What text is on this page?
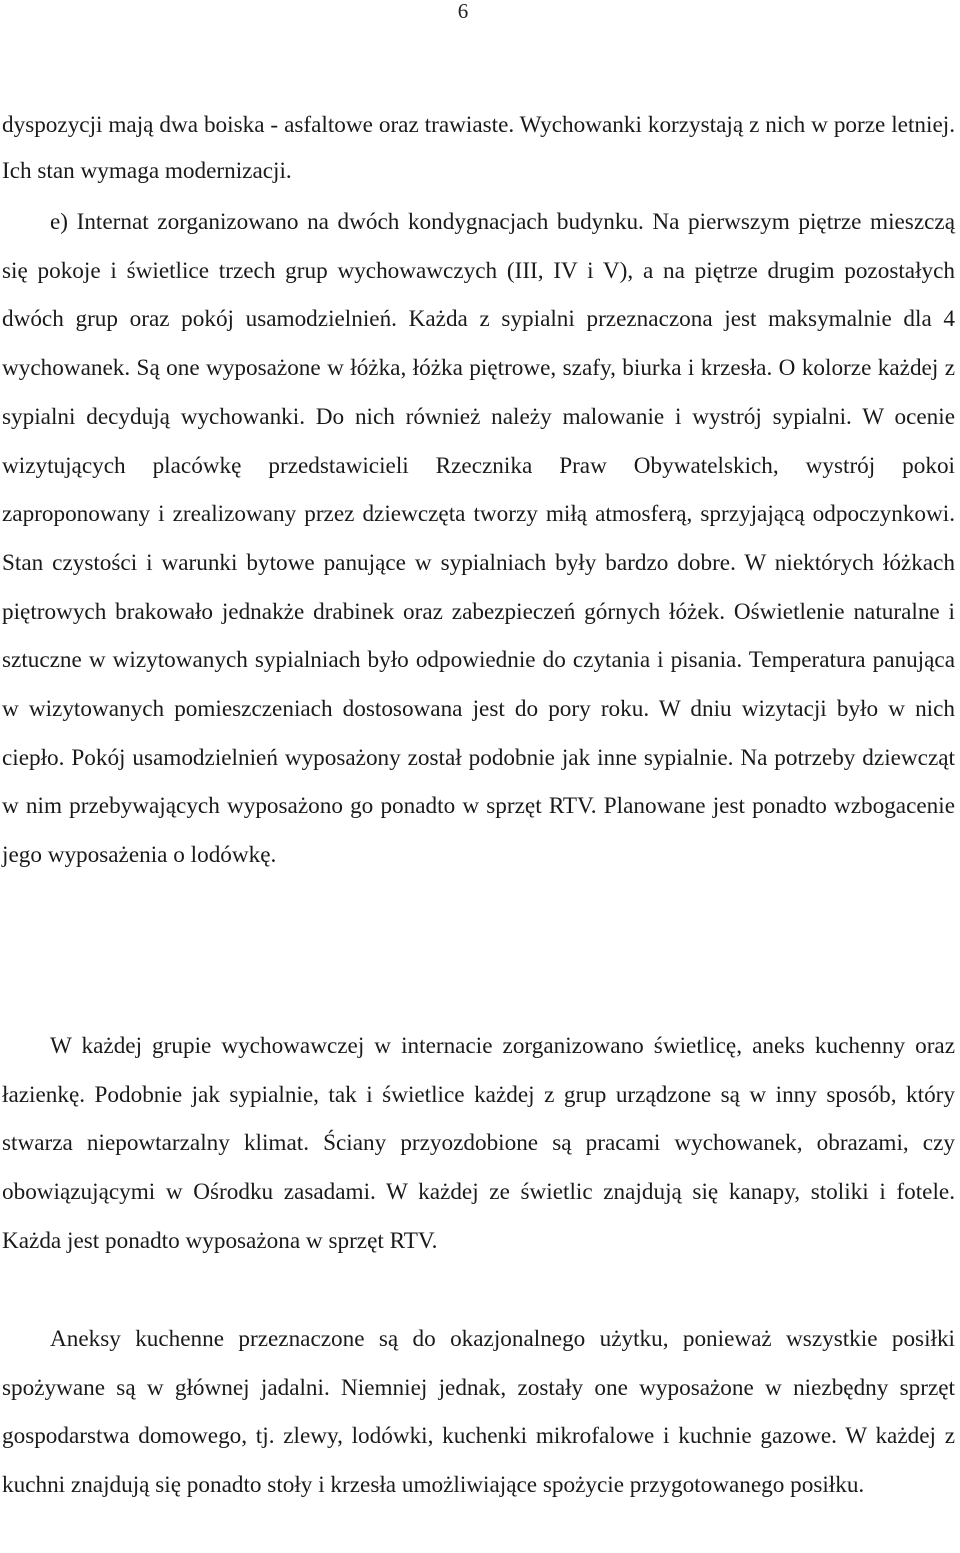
6

dyspozycji mają dwa boiska - asfaltowe oraz trawiaste. Wychowanki korzystają z nich w porze letniej. Ich stan wymaga modernizacji.

e) Internat zorganizowano na dwóch kondygnacjach budynku. Na pierwszym piętrze mieszczą się pokoje i świetlice trzech grup wychowawczych (III, IV i V), a na piętrze drugim pozostałych dwóch grup oraz pokój usamodzielnień. Każda z sypialni przeznaczona jest maksymalnie dla 4 wychowanek. Są one wyposażone w łóżka, łóżka piętrowe, szafy, biurka i krzesła. O kolorze każdej z sypialni decydują wychowanki. Do nich również należy malowanie i wystrój sypialni. W ocenie wizytujących placówkę przedstawicieli Rzecznika Praw Obywatelskich, wystrój pokoi zaproponowany i zrealizowany przez dziewczęta tworzy miłą atmosferą, sprzyjającą odpoczynkowi. Stan czystości i warunki bytowe panujące w sypialniach były bardzo dobre. W niektórych łóżkach piętrowych brakowało jednakże drabinek oraz zabezpieczeń górnych łóżek. Oświetlenie naturalne i sztuczne w wizytowanych sypialniach było odpowiednie do czytania i pisania. Temperatura panująca w wizytowanych pomieszczeniach dostosowana jest do pory roku. W dniu wizytacji było w nich ciepło. Pokój usamodzielnień wyposażony został podobnie jak inne sypialnie. Na potrzeby dziewcząt w nim przebywających wyposażono go ponadto w sprzęt RTV. Planowane jest ponadto wzbogacenie jego wyposażenia o lodówkę.

W każdej grupie wychowawczej w internacie zorganizowano świetlicę, aneks kuchenny oraz łazienkę. Podobnie jak sypialnie, tak i świetlice każdej z grup urządzone są w inny sposób, który stwarza niepowtarzalny klimat. Ściany przyozdobione są pracami wychowanek, obrazami, czy obowiązującymi w Ośrodku zasadami. W każdej ze świetlic znajdują się kanapy, stoliki i fotele. Każda jest ponadto wyposażona w sprzęt RTV.

Aneksy kuchenne przeznaczone są do okazjonalnego użytku, ponieważ wszystkie posiłki spożywane są w głównej jadalni. Niemniej jednak, zostały one wyposażone w niezbędny sprzęt gospodarstwa domowego, tj. zlewy, lodówki, kuchenki mikrofalowe i kuchnie gazowe. W każdej z kuchni znajdują się ponadto stoły i krzesła umożliwiające spożycie przygotowanego posiłku.
